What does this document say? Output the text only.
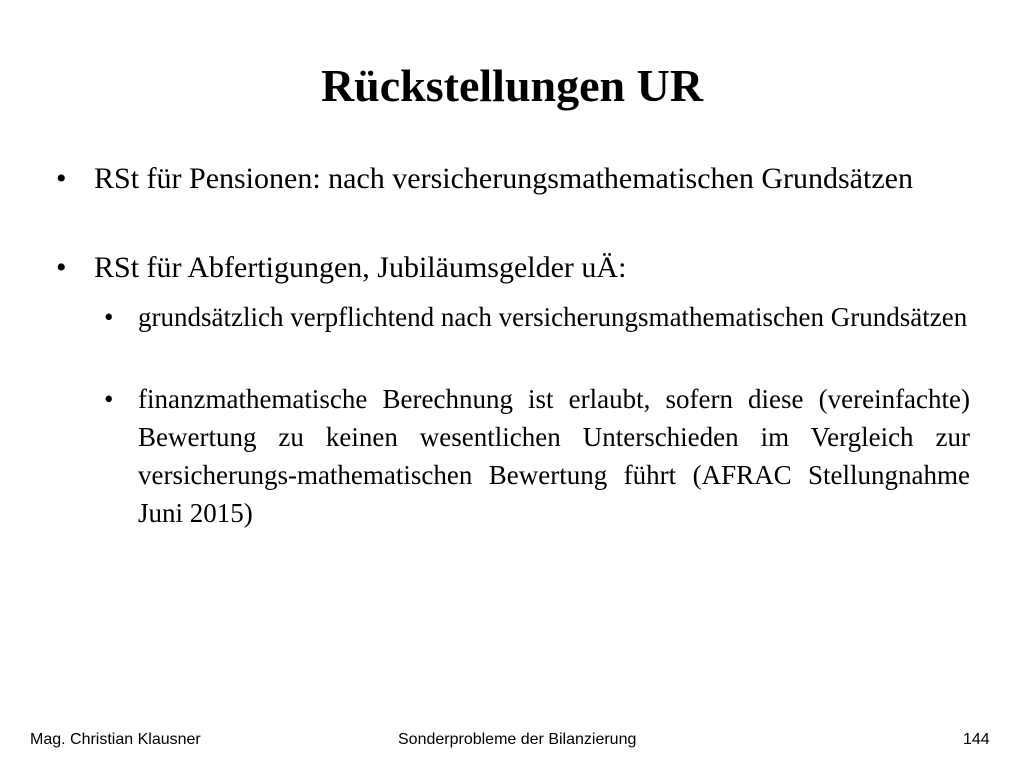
Rückstellungen UR
• RSt für Pensionen: nach versicherungsmathematischen Grundsätzen
• RSt für Abfertigungen, Jubiläumsgelder uÄ:
• grundsätzlich verpflichtend nach versicherungsmathematischen Grundsätzen
• finanzmathematische Berechnung ist erlaubt, sofern diese (vereinfachte) Bewertung zu keinen wesentlichen Unterschieden im Vergleich zur versicherungs-mathematischen Bewertung führt (AFRAC Stellungnahme Juni 2015)
Mag. Christian Klausner	Sonderprobleme der Bilanzierung	144
